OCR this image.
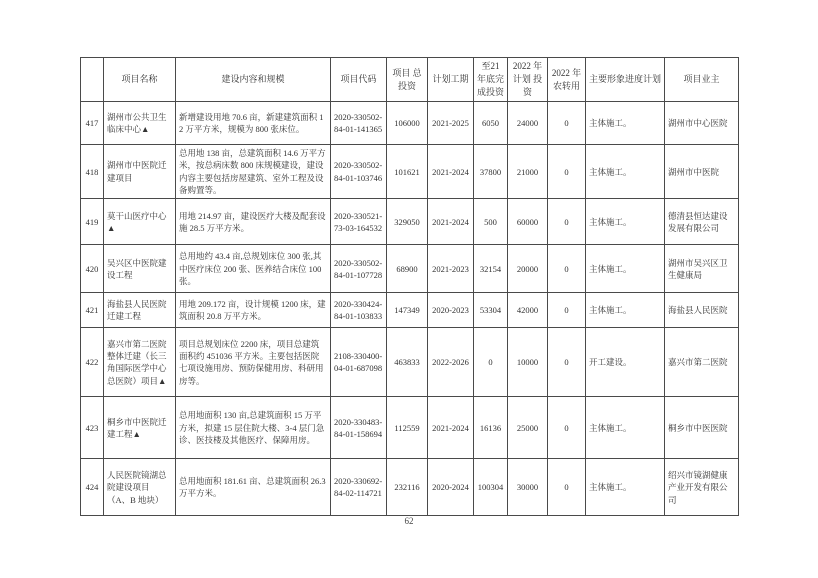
	项目名称	建设内容和规模	项目代码	项目 总投资	计划工期	至21 年底完 成投资	2022 年 计划 投资	2022 年 农转用	主要形象进度计划	项目业主
417	湖州市公共卫生临床中心▲	新增建设用地 70.6 亩，新建建筑面积 12 万平方米，规模为 800 张床位。	2020-330502-84-01-141365	106000	2021-2025	6050	24000	0	主体施工。	湖州市中心医院
418	湖州市中医院迁建项目	总用地 138 亩，总建筑面积 14.6 万平方米，按总病床数 800 床规模建设，建设内容主要包括房屋建筑、室外工程及设备购置等。	2020-330502-84-01-103746	101621	2021-2024	37800	21000	0	主体施工。	湖州市中医院
419	莫干山医疗中心▲	用地 214.97 亩，建设医疗大楼及配套设施 28.5 万平方米。	2020-330521-73-03-164532	329050	2021-2024	500	60000	0	主体施工。	德清县恒达建设发展有限公司
420	吴兴区中医院建设工程	总用地约 43.4 亩,总规划床位 300 张,其中医疗床位 200 张、医养结合床位 100 张。	2020-330502-84-01-107728	68900	2021-2023	32154	20000	0	主体施工。	湖州市吴兴区卫生健康局
421	海盐县人民医院迁建工程	用地 209.172 亩，设计规模 1200 床，建筑面积 20.8 万平方米。	2020-330424-84-01-103833	147349	2020-2023	53304	42000	0	主体施工。	海盐县人民医院
422	嘉兴市第二医院整体迁建（长三角国际医学中心总医院）项目▲	项目总规划床位 2200 床，项目总建筑面积约 451036 平方米。主要包括医院七项设施用房、预防保健用房、科研用房等。	2108-330400-04-01-687098	463833	2022-2026	0	10000	0	开工建设。	嘉兴市第二医院
423	桐乡市中医院迁建工程▲	总用地面积 130 亩,总建筑面积 15 万平方米，拟建 15 层住院大楼、3-4 层门急诊、医技楼及其他医疗、保障用房。	2020-330483-84-01-158694	112559	2021-2024	16136	25000	0	主体施工。	桐乡市中医医院
424	人民医院镜湖总院建设项目（A、B 地块）	总用地面积 181.61 亩、总建筑面积 26.3 万平方米。	2020-330692-84-02-114721	232116	2020-2024	100304	30000	0	主体施工。	绍兴市镜湖健康产业开发有限公司
62
